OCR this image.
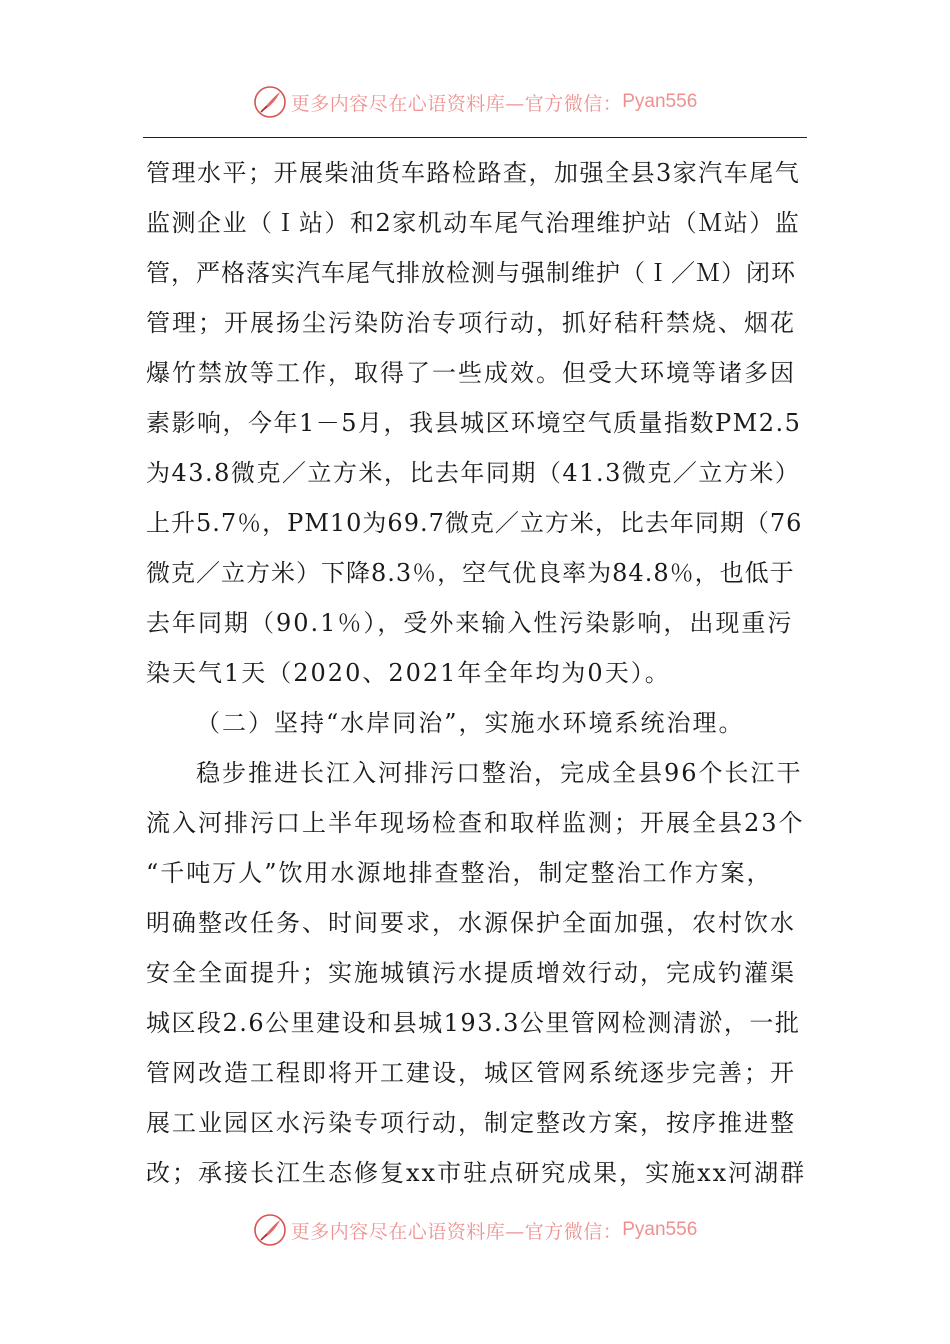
更多内容尽在心语资料库—官方微信： Pyan556

管理水平；开展柴油货车路检路查，加强全县3家汽车尾气
监测企业（Ｉ站）和2家机动车尾气治理维护站（Ｍ站）监
管，严格落实汽车尾气排放检测与强制维护（Ｉ／Ｍ）闭环
管理；开展扬尘污染防治专项行动，抓好秸秆禁烧、烟花
爆竹禁放等工作，取得了一些成效。但受大环境等诸多因
素影响，今年1－5月，我县城区环境空气质量指数PM2.5
为43.8微克／立方米，比去年同期（41.3微克／立方米）
上升5.7％，PM10为69.7微克／立方米，比去年同期（76
微克／立方米）下降8.3％，空气优良率为84.8％，也低于
去年同期（90.1％），受外来输入性污染影响，出现重污
染天气1天（2020、2021年全年均为0天）。

（二）坚持“水岸同治”，实施水环境系统治理。

稳步推进长江入河排污口整治，完成全县96个长江干
流入河排污口上半年现场检查和取样监测；开展全县23个
“千吨万人”饮用水源地排查整治，制定整治工作方案，
明确整改任务、时间要求，水源保护全面加强，农村饮水
安全全面提升；实施城镇污水提质增效行动，完成钓灌渠
城区段2.6公里建设和县城193.3公里管网检测清淤，一批
管网改造工程即将开工建设，城区管网系统逐步完善；开
展工业园区水污染专项行动，制定整改方案，按序推进整
改；承接长江生态修复xx市驻点研究成果，实施xx河湖群

更多内容尽在心语资料库—官方微信： Pyan556
